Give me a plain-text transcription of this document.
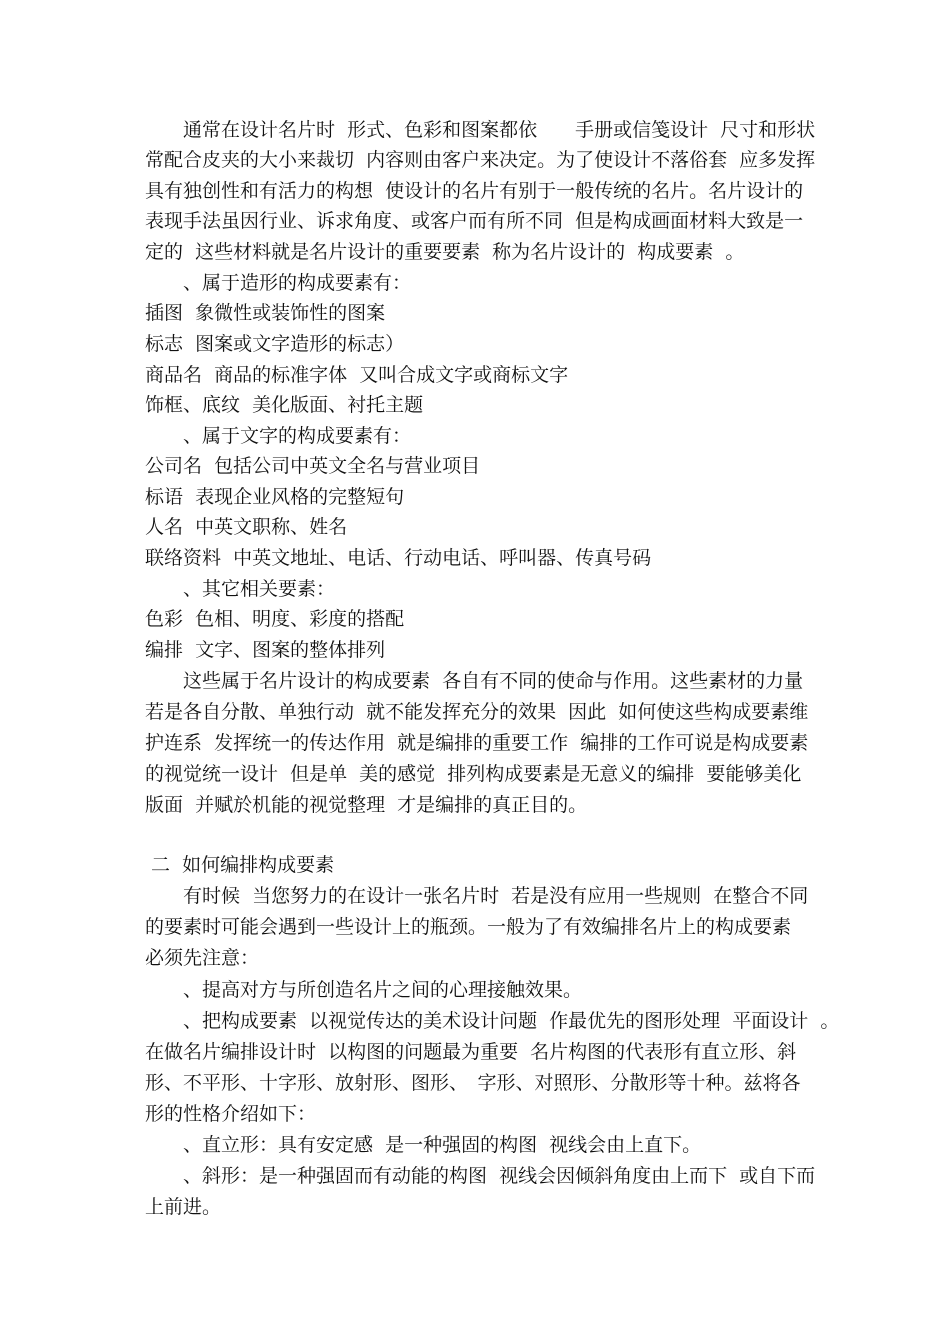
　　通常在设计名片时  形式、色彩和图案都依　　手册或信笺设计  尺寸和形状
常配合皮夹的大小来裁切  内容则由客户来决定。为了使设计不落俗套  应多发挥
具有独创性和有活力的构想  使设计的名片有别于一般传统的名片。名片设计的
表现手法虽因行业、诉求角度、或客户而有所不同  但是构成画面材料大致是一
定的  这些材料就是名片设计的重要要素  称为名片设计的  构成要素  。
　　、属于造形的构成要素有：
插图  象微性或装饰性的图案
标志  图案或文字造形的标志）
商品名  商品的标准字体  又叫合成文字或商标文字
饰框、底纹  美化版面、衬托主题
　　、属于文字的构成要素有：
公司名  包括公司中英文全名与营业项目
标语  表现企业风格的完整短句
人名  中英文职称、姓名
联络资料  中英文地址、电话、行动电话、呼叫器、传真号码
　　、其它相关要素：
色彩  色相、明度、彩度的搭配
编排  文字、图案的整体排列
　　这些属于名片设计的构成要素  各自有不同的使命与作用。这些素材的力量
若是各自分散、单独行动  就不能发挥充分的效果  因此  如何使这些构成要素维
护连系  发挥统一的传达作用  就是编排的重要工作  编排的工作可说是构成要素
的视觉统一设计  但是单  美的感觉  排列构成要素是无意义的编排  要能够美化
版面  并赋於机能的视觉整理  才是编排的真正目的。
二  如何编排构成要素
　　有时候  当您努力的在设计一张名片时  若是没有应用一些规则  在整合不同
的要素时可能会遇到一些设计上的瓶颈。一般为了有效编排名片上的构成要素
必须先注意：
　　、提高对方与所创造名片之间的心理接触效果。
　　、把构成要素  以视觉传达的美术设计问题  作最优先的图形处理  平面设计  。
在做名片编排设计时  以构图的问题最为重要  名片构图的代表形有直立形、斜
形、不平形、十字形、放射形、图形、　字形、对照形、分散形等十种。兹将各
形的性格介绍如下：
　　、直立形：具有安定感  是一种强固的构图  视线会由上直下。
　　、斜形：是一种强固而有动能的构图  视线会因倾斜角度由上而下  或自下而
上前进。
